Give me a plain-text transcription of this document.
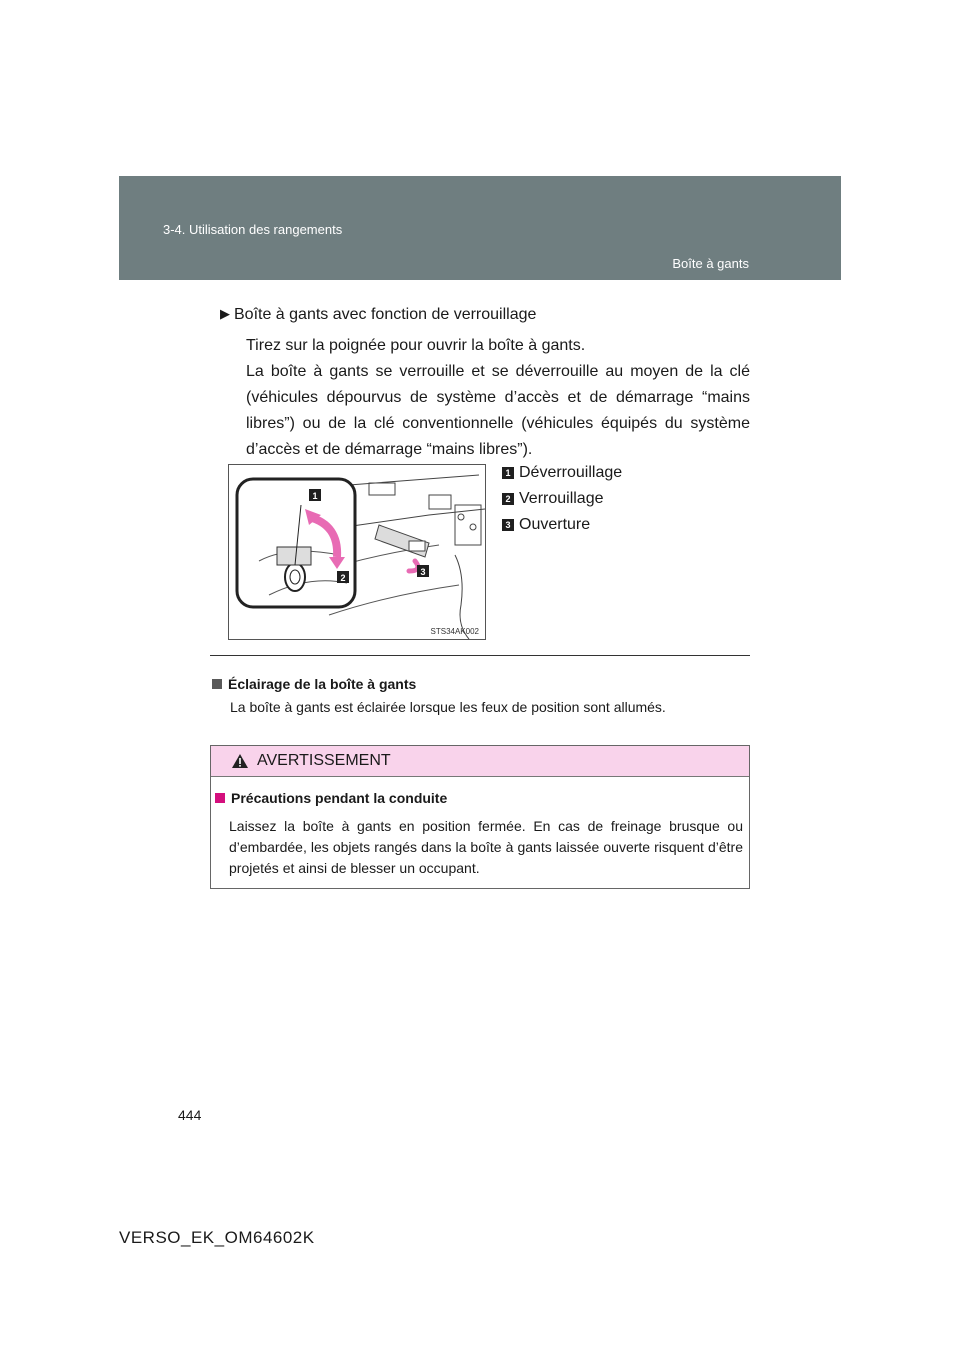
3-4. Utilisation des rangements
Boîte à gants

▶ Boîte à gants avec fonction de verrouillage

Tirez sur la poignée pour ouvrir la boîte à gants.

La boîte à gants se verrouille et se déverrouille au moyen de la clé (véhicules dépourvus de système d’accès et de démarrage “mains libres”) ou de la clé conventionnelle (véhicules équipés du système d’accès et de démarrage “mains libres”).

1
2
3
STS34AK002
1 Déverrouillage
2 Verrouillage
3 Ouverture
Éclairage de la boîte à gants
La boîte à gants est éclairée lorsque les feux de position sont allumés.
AVERTISSEMENT
Précautions pendant la conduite
Laissez la boîte à gants en position fermée. En cas de freinage brusque ou d’embardée, les objets rangés dans la boîte à gants laissée ouverte risquent d’être projetés et ainsi de blesser un occupant.
444
VERSO_EK_OM64602K
